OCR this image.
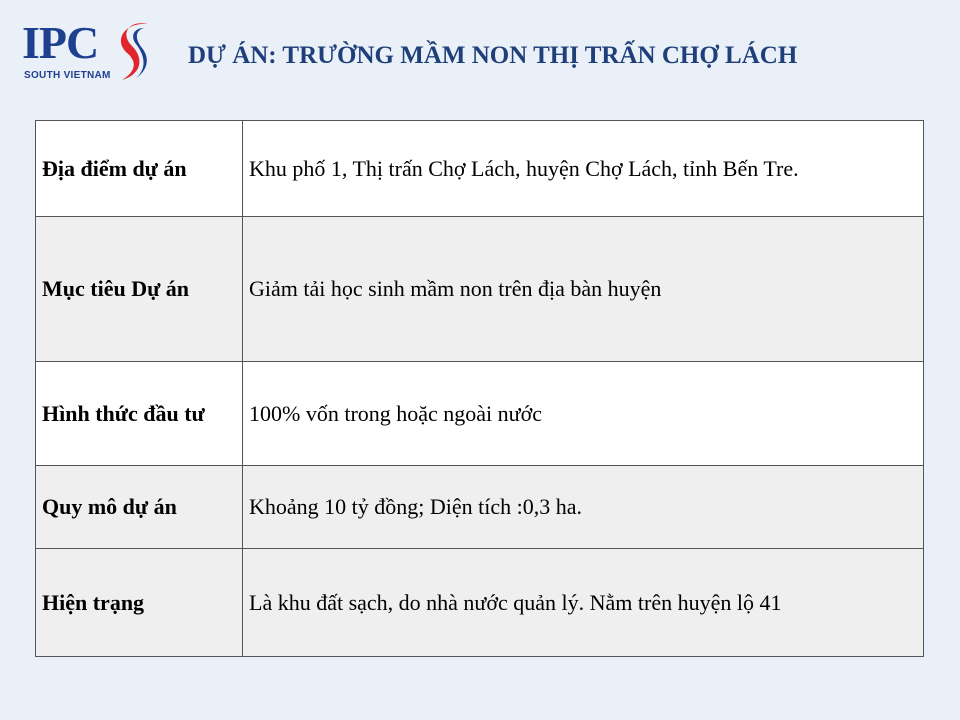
IPC
SOUTH VIETNAM
DỰ ÁN: TRƯỜNG MẦM NON THỊ TRẤN CHỢ LÁCH
Địa điểm dự án	Khu phố 1, Thị trấn Chợ Lách, huyện Chợ Lách, tỉnh Bến Tre.
Mục tiêu Dự án	Giảm tải học sinh mầm non trên địa bàn huyện
Hình thức đầu tư	100% vốn trong hoặc ngoài nước
Quy mô dự án	Khoảng 10 tỷ đồng; Diện tích :0,3 ha.
Hiện trạng	Là khu đất sạch, do nhà nước quản lý. Nằm trên huyện lộ 41
